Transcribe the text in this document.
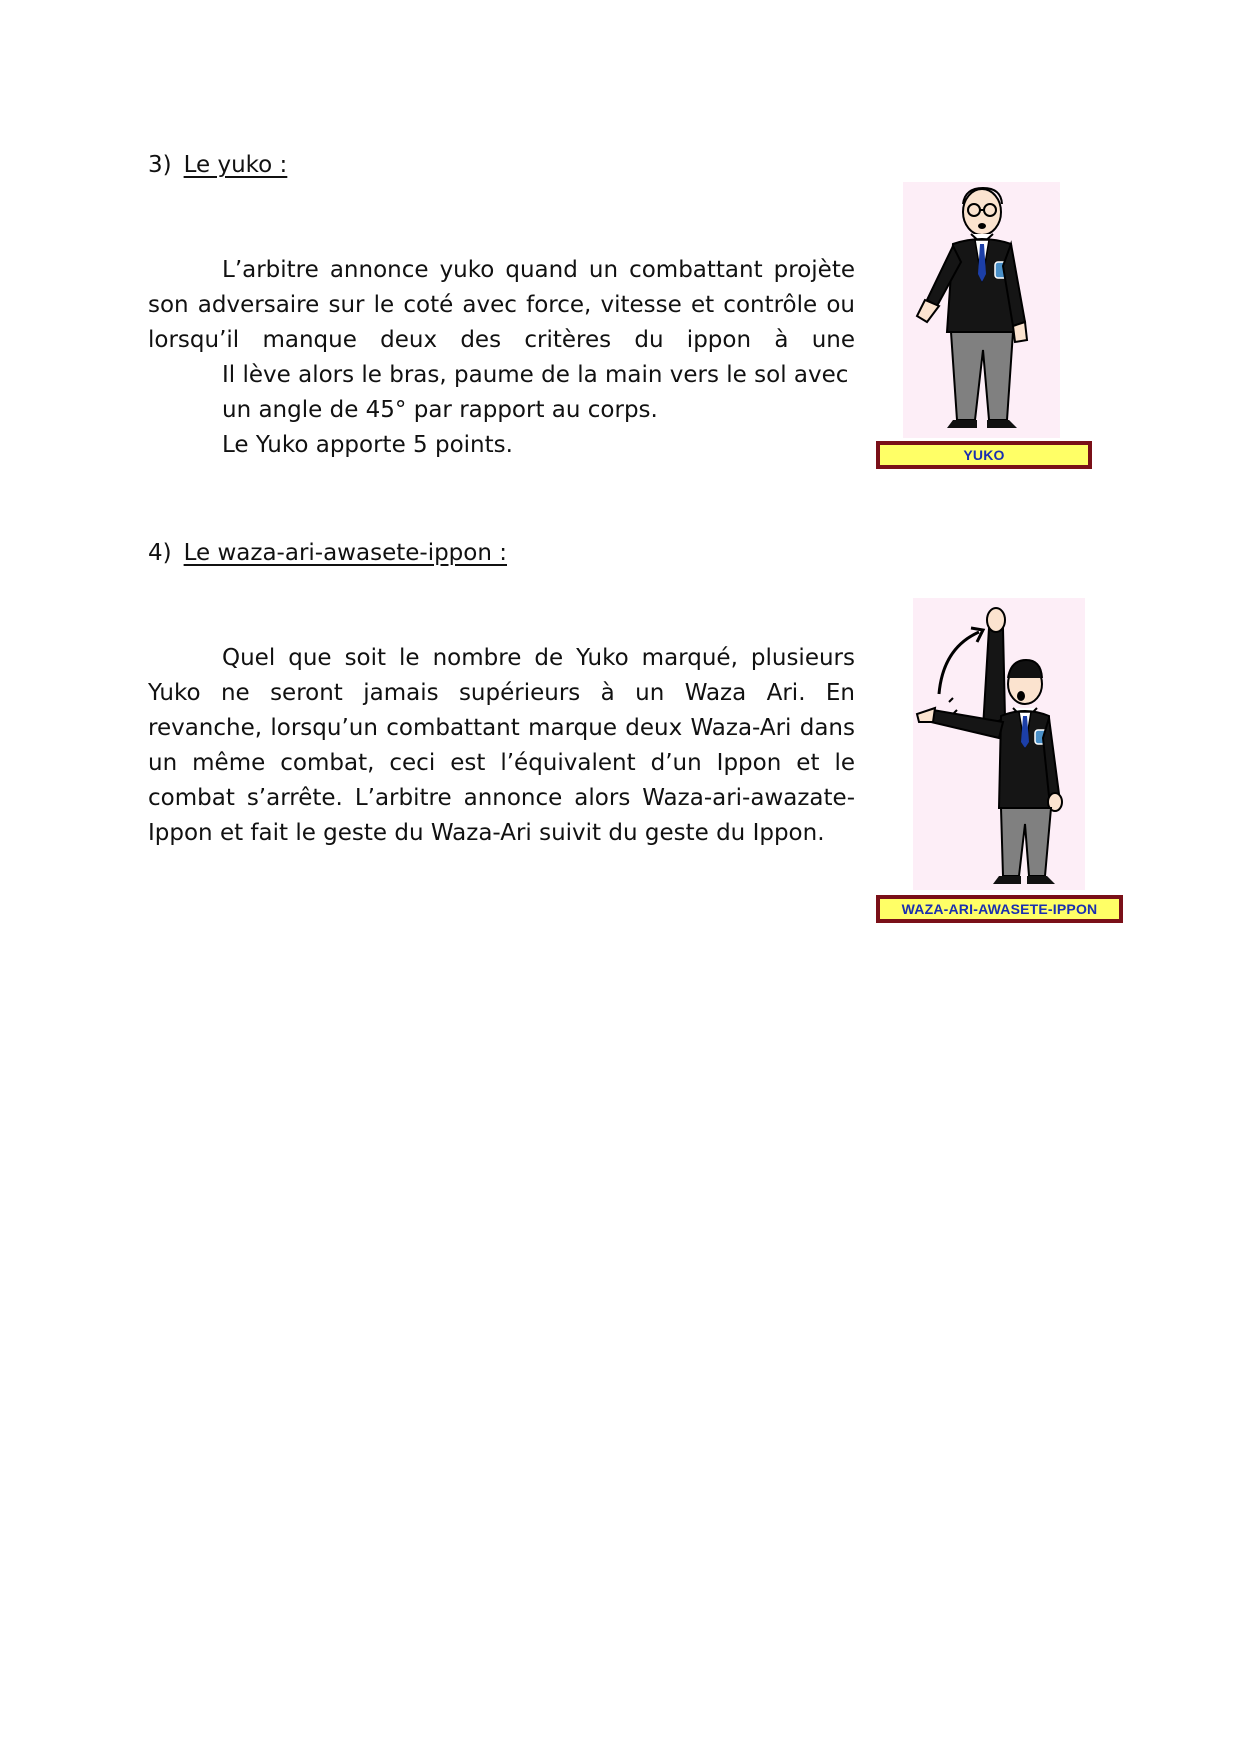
3) Le yuko :
L’arbitre annonce yuko quand un combattant projète
son adversaire sur le coté avec force, vitesse et contrôle ou
lorsqu’il manque deux des critères du ippon à une
Il lève alors le bras, paume de la main vers le sol avec
un angle de 45° par rapport au corps.
Le Yuko apporte 5 points.	YUKO
4) Le waza-ari-awasete-ippon :
Quel que soit le nombre de Yuko marqué, plusieurs
Yuko ne seront jamais supérieurs à un Waza Ari. En
revanche, lorsqu’un combattant marque deux Waza-Ari dans
un même combat, ceci est l’équivalent d’un Ippon et le
combat s’arrête. L’arbitre annonce alors Waza-ari-awazate-
Ippon et fait le geste du Waza-Ari suivit du geste du Ippon.
WAZA-ARI-AWASETE-IPPON
